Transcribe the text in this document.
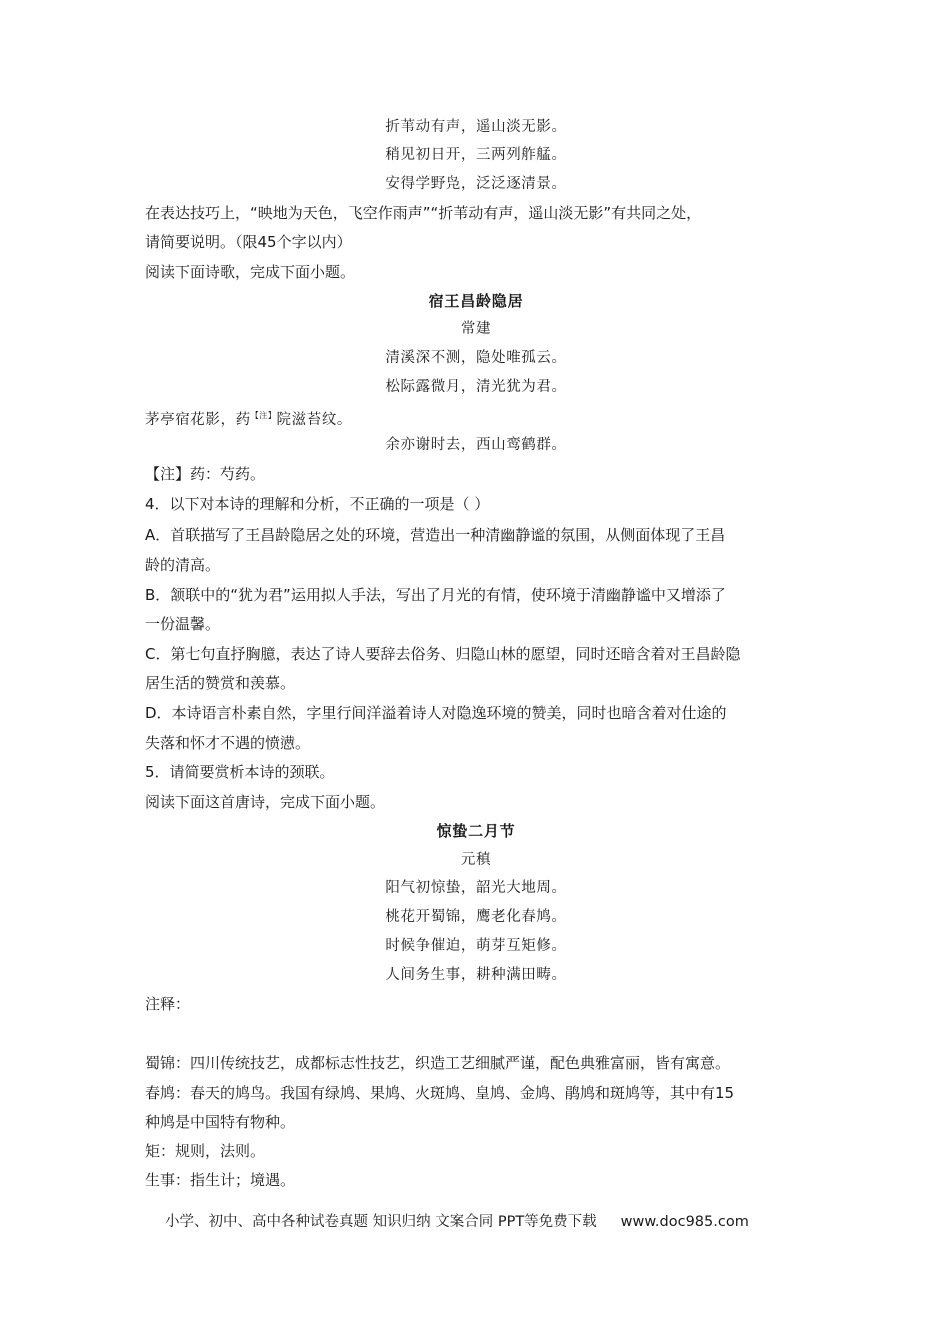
折苇动有声，遥山淡无影。
稍见初日开，三两列舴艋。
安得学野凫，泛泛逐清景。
在表达技巧上，“映地为天色，飞空作雨声”“折苇动有声，遥山淡无影”有共同之处，
请简要说明。（限45个字以内）
阅读下面诗歌，完成下面小题。
宿王昌龄隐居
常建
清溪深不测，隐处唯孤云。
松际露微月，清光犹为君。
茅亭宿花影，药$^{【注】}$院滋苔纹。
余亦谢时去，西山鸾鹤群。
【注】药：芍药。
4．以下对本诗的理解和分析，不正确的一项是（ ）
A．首联描写了王昌龄隐居之处的环境，营造出一种清幽静谧的氛围，从侧面体现了王昌
龄的清高。
B．颔联中的“犹为君”运用拟人手法，写出了月光的有情，使环境于清幽静谧中又增添了
一份温馨。
C．第七句直抒胸臆，表达了诗人要辞去俗务、归隐山林的愿望，同时还暗含着对王昌龄隐
居生活的赞赏和羡慕。
D．本诗语言朴素自然，字里行间洋溢着诗人对隐逸环境的赞美，同时也暗含着对仕途的
失落和怀才不遇的愤懑。
5．请简要赏析本诗的颈联。
阅读下面这首唐诗，完成下面小题。
惊蛰二月节
元稹
阳气初惊蛰，韶光大地周。
桃花开蜀锦，鹰老化春鸠。
时候争催迫，萌芽互矩修。
人间务生事，耕种满田畴。
注释：
蜀锦：四川传统技艺，成都标志性技艺，织造工艺细腻严谨，配色典雅富丽，皆有寓意。
春鸠：春天的鸠鸟。我国有绿鸠、果鸠、火斑鸠、皇鸠、金鸠、鹃鸠和斑鸠等，其中有15
种鸠是中国特有物种。
矩：规则，法则。
生事：指生计；境遇。
小学、初中、高中各种试卷真题 知识归纳 文案合同 PPT等免费下载 www.doc985.com
